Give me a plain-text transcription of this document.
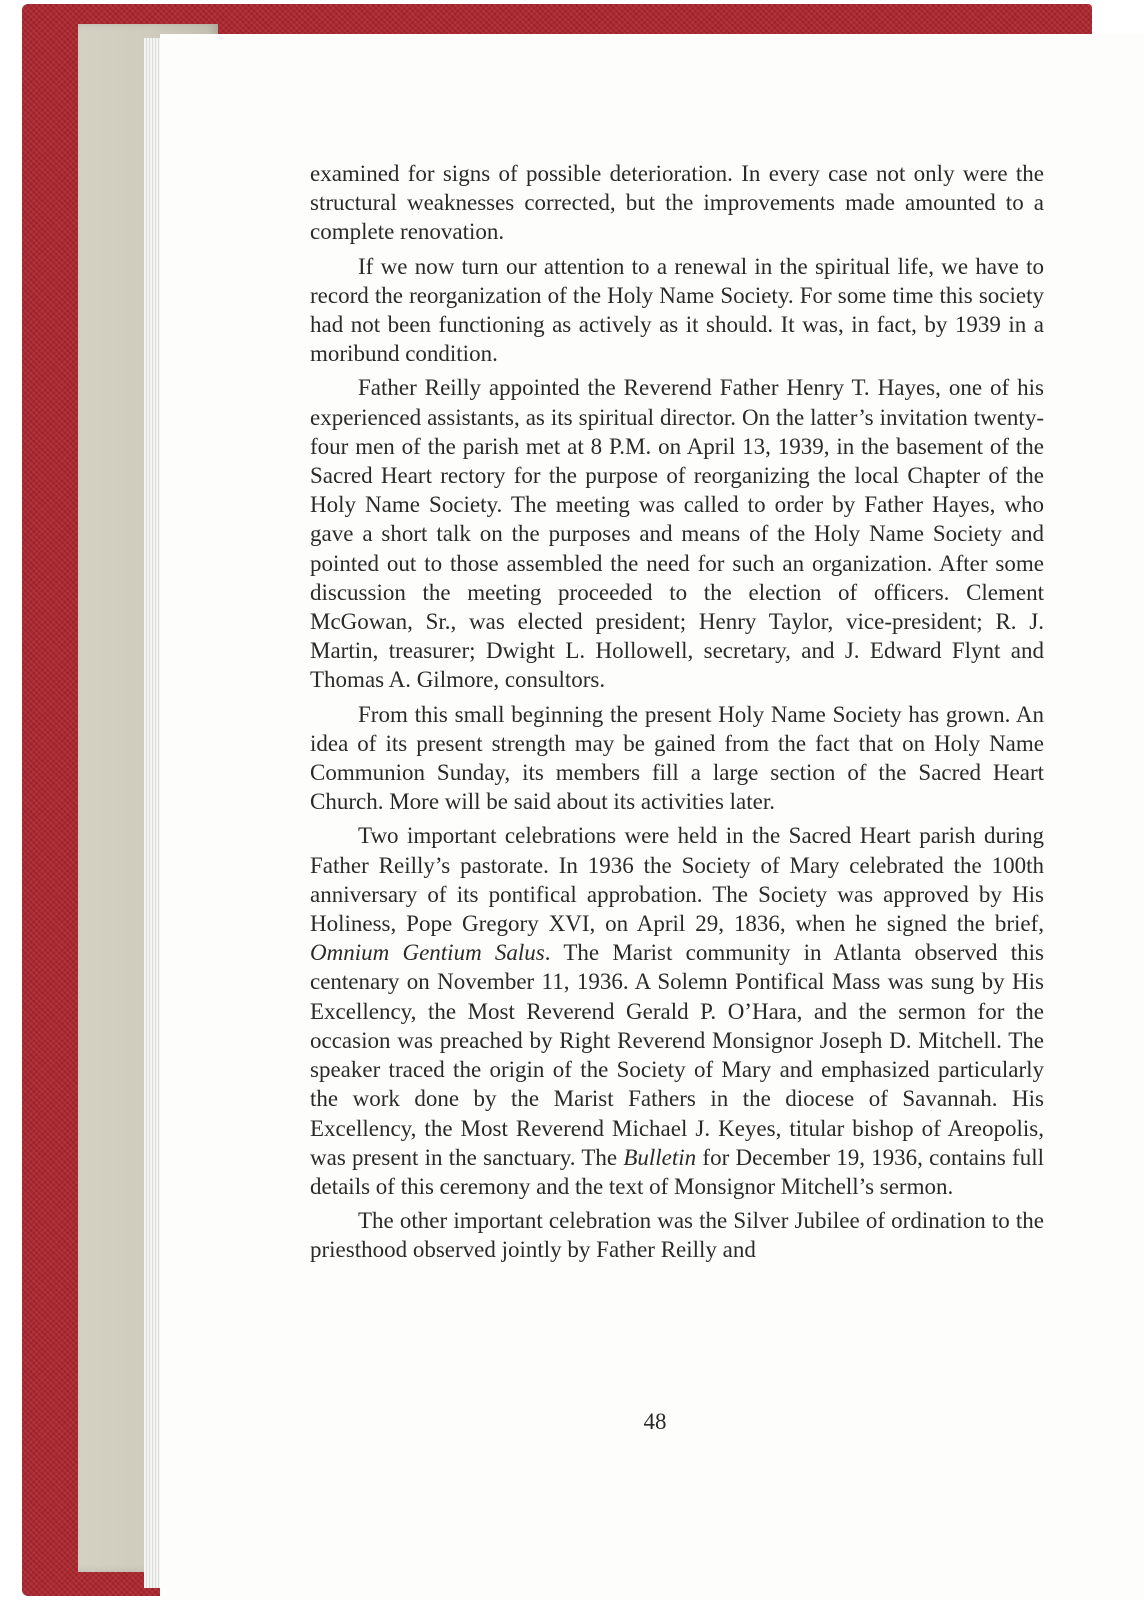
examined for signs of possible deterioration. In every case not only were the structural weaknesses corrected, but the improvements made amounted to a complete renovation.

If we now turn our attention to a renewal in the spiritual life, we have to record the reorganization of the Holy Name Society. For some time this society had not been functioning as actively as it should. It was, in fact, by 1939 in a moribund condition.

Father Reilly appointed the Reverend Father Henry T. Hayes, one of his experienced assistants, as its spiritual director. On the latter’s invitation twenty-four men of the parish met at 8 P.M. on April 13, 1939, in the basement of the Sacred Heart rectory for the purpose of reorganizing the local Chapter of the Holy Name Society. The meeting was called to order by Father Hayes, who gave a short talk on the purposes and means of the Holy Name Society and pointed out to those assembled the need for such an organization. After some discussion the meeting proceeded to the election of officers. Clement McGowan, Sr., was elected president; Henry Taylor, vice-president; R. J. Martin, treasurer; Dwight L. Hollowell, secretary, and J. Edward Flynt and Thomas A. Gilmore, consultors.

From this small beginning the present Holy Name Society has grown. An idea of its present strength may be gained from the fact that on Holy Name Communion Sunday, its members fill a large section of the Sacred Heart Church. More will be said about its activities later.

Two important celebrations were held in the Sacred Heart parish during Father Reilly’s pastorate. In 1936 the Society of Mary celebrated the 100th anniversary of its pontifical approbation. The Society was approved by His Holiness, Pope Gregory XVI, on April 29, 1836, when he signed the brief, Omnium Gentium Salus. The Marist community in Atlanta observed this centenary on November 11, 1936. A Solemn Pontifical Mass was sung by His Excellency, the Most Reverend Gerald P. O’Hara, and the sermon for the occasion was preached by Right Reverend Monsignor Joseph D. Mitchell. The speaker traced the origin of the Society of Mary and emphasized particularly the work done by the Marist Fathers in the diocese of Savannah. His Excellency, the Most Reverend Michael J. Keyes, titular bishop of Areopolis, was present in the sanctuary. The Bulletin for December 19, 1936, contains full details of this ceremony and the text of Monsignor Mitchell’s sermon.

The other important celebration was the Silver Jubilee of ordination to the priesthood observed jointly by Father Reilly and

48
